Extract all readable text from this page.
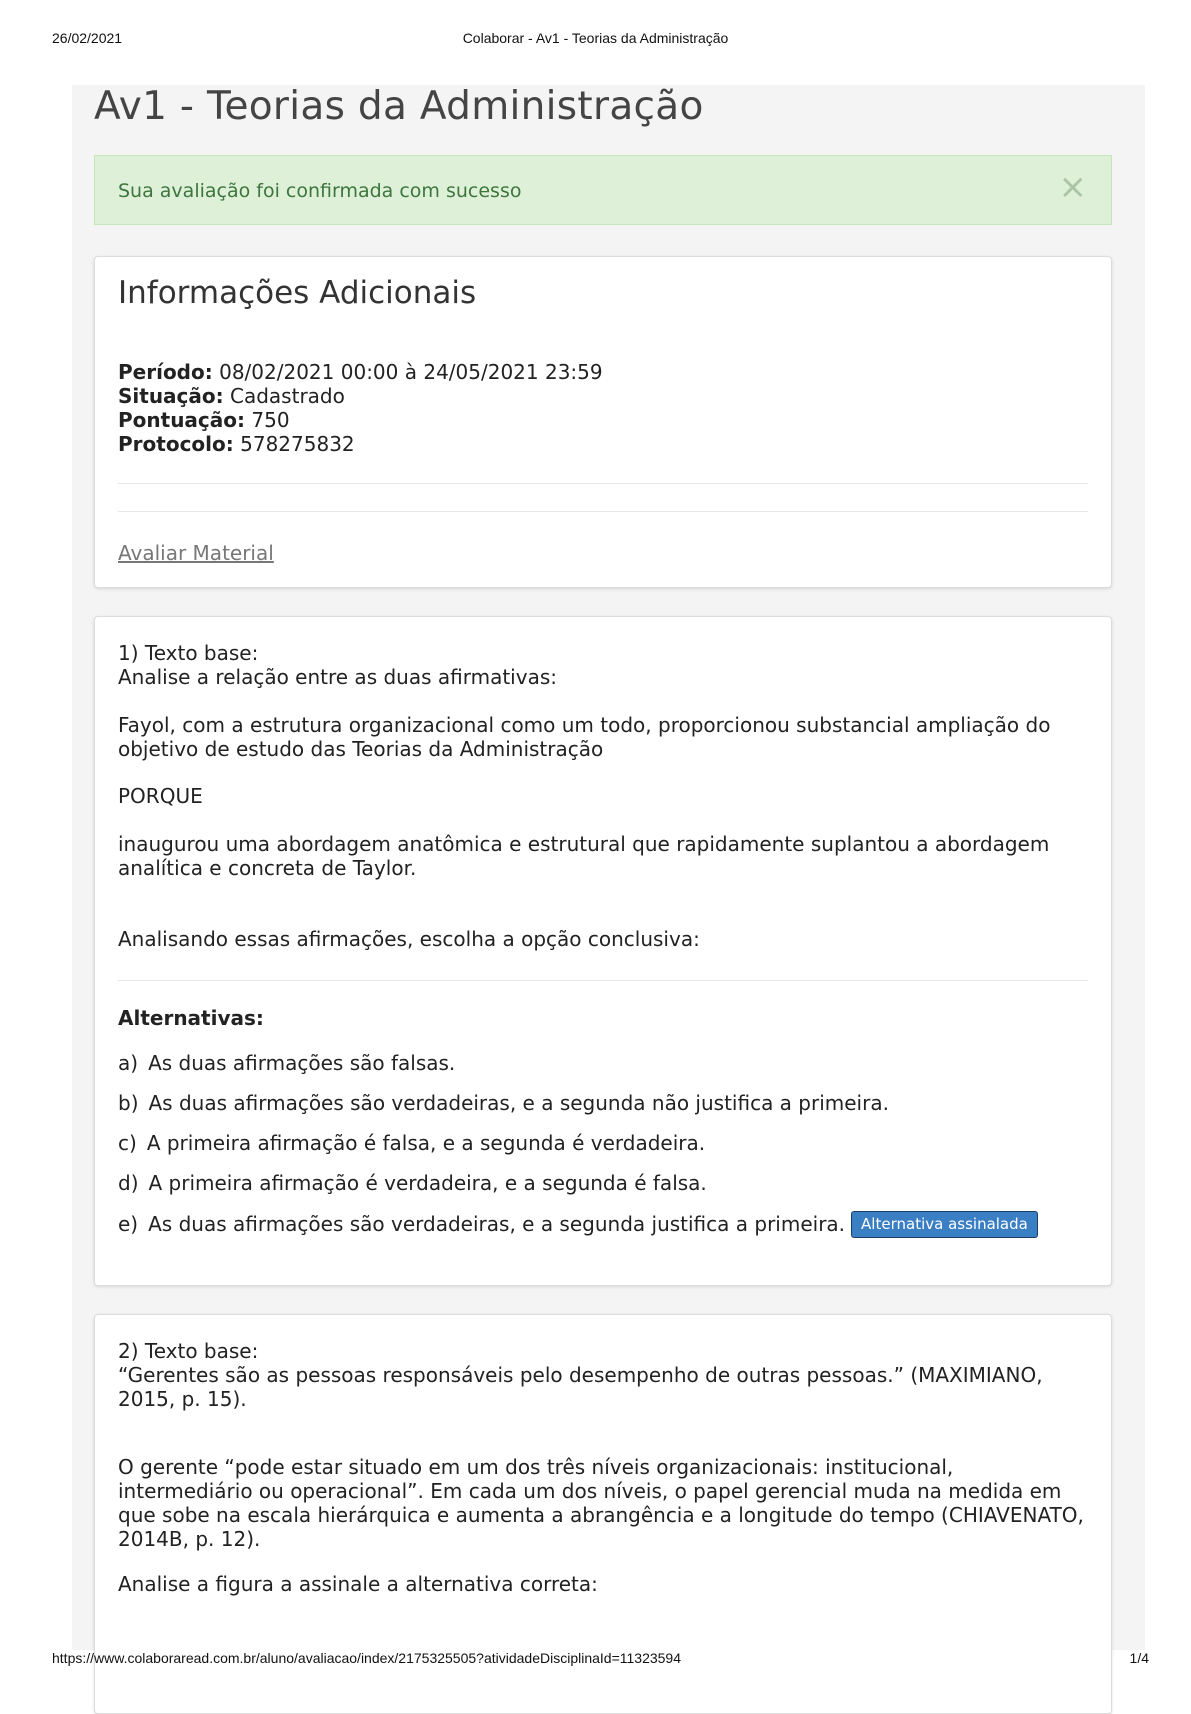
26/02/2021	Colaborar - Av1 - Teorias da Administração
Av1 - Teorias da Administração
Sua avaliação foi confirmada com sucesso	×
Informações Adicionais
Período: 08/02/2021 00:00 à 24/05/2021 23:59
Situação: Cadastrado
Pontuação: 750
Protocolo: 578275832
Avaliar Material
1) Texto base:
Analise a relação entre as duas afirmativas:
Fayol, com a estrutura organizacional como um todo, proporcionou substancial ampliação do objetivo de estudo das Teorias da Administração
PORQUE
inaugurou uma abordagem anatômica e estrutural que rapidamente suplantou a abordagem analítica e concreta de Taylor.
Analisando essas afirmações, escolha a opção conclusiva:
Alternativas:
a) As duas afirmações são falsas.
b) As duas afirmações são verdadeiras, e a segunda não justifica a primeira.
c) A primeira afirmação é falsa, e a segunda é verdadeira.
d) A primeira afirmação é verdadeira, e a segunda é falsa.
e) As duas afirmações são verdadeiras, e a segunda justifica a primeira. Alternativa assinalada
2) Texto base:
“Gerentes são as pessoas responsáveis pelo desempenho de outras pessoas.” (MAXIMIANO, 2015, p. 15).
O gerente “pode estar situado em um dos três níveis organizacionais: institucional, intermediário ou operacional”. Em cada um dos níveis, o papel gerencial muda na medida em que sobe na escala hierárquica e aumenta a abrangência e a longitude do tempo (CHIAVENATO, 2014B, p. 12).
Analise a figura a assinale a alternativa correta:
https://www.colaboraread.com.br/aluno/avaliacao/index/2175325505?atividadeDisciplinaId=11323594	1/4
